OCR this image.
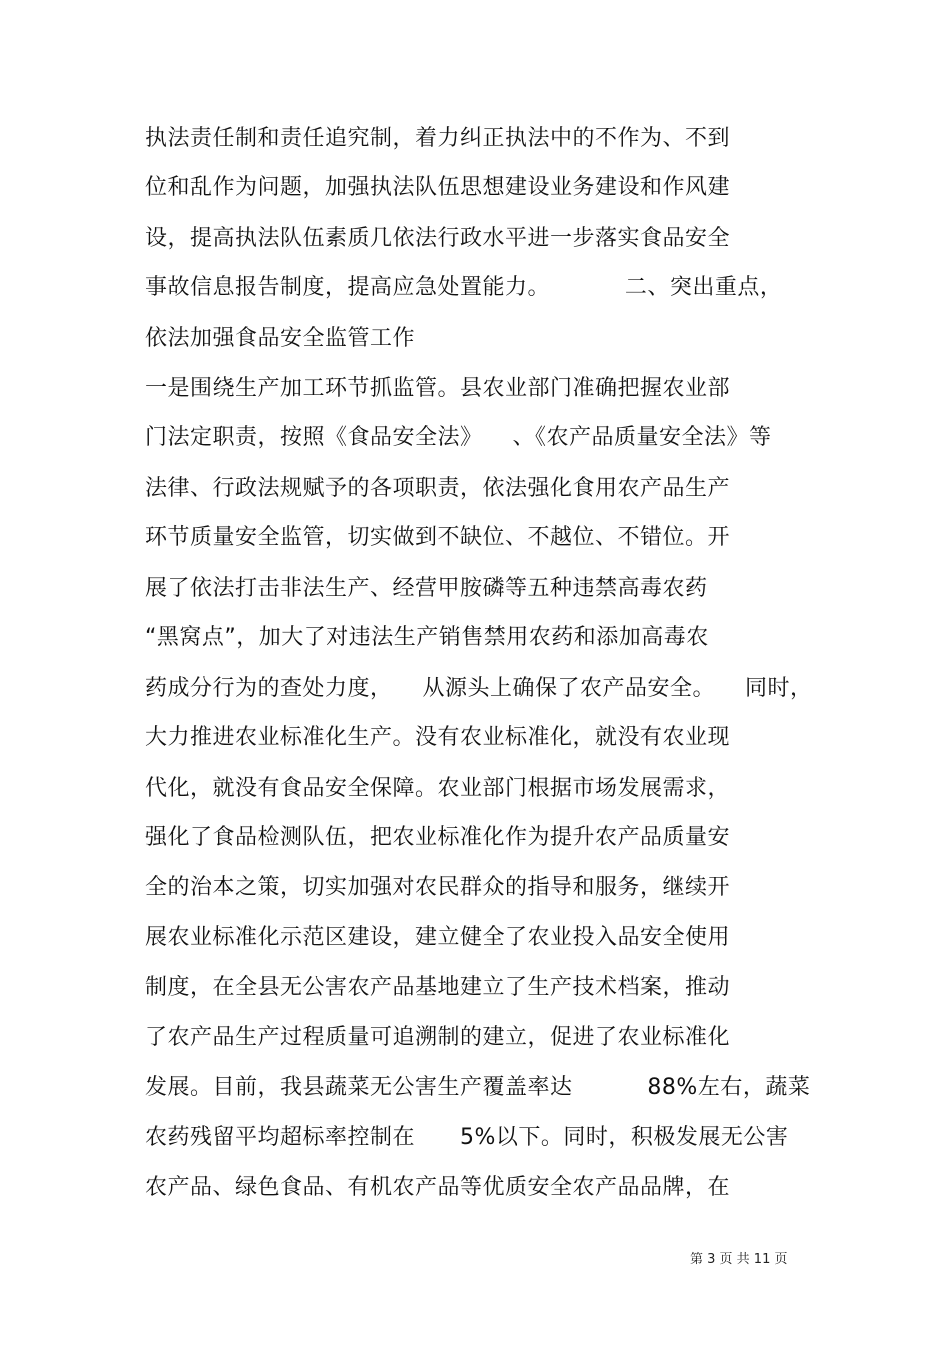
执法责任制和责任追究制，着力纠正执法中的不作为、不到
位和乱作为问题，加强执法队伍思想建设业务建设和作风建
设，提高执法队伍素质几依法行政水平进一步落实食品安全
事故信息报告制度，提高应急处置能力。          二、突出重点，
依法加强食品安全监管工作
一是围绕生产加工环节抓监管。县农业部门准确把握农业部
门法定职责，按照《食品安全法》    、《农产品质量安全法》等
法律、行政法规赋予的各项职责，依法强化食用农产品生产
环节质量安全监管，切实做到不缺位、不越位、不错位。开
展了依法打击非法生产、经营甲胺磷等五种违禁高毒农药
“黑窝点”，加大了对违法生产销售禁用农药和添加高毒农
药成分行为的查处力度，    从源头上确保了农产品安全。    同时，
大力推进农业标准化生产。没有农业标准化，就没有农业现
代化，就没有食品安全保障。农业部门根据市场发展需求，
强化了食品检测队伍，把农业标准化作为提升农产品质量安
全的治本之策，切实加强对农民群众的指导和服务，继续开
展农业标准化示范区建设，建立健全了农业投入品安全使用
制度，在全县无公害农产品基地建立了生产技术档案，推动
了农产品生产过程质量可追溯制的建立，促进了农业标准化
发展。目前，我县蔬菜无公害生产覆盖率达          88%左右，蔬菜
农药残留平均超标率控制在      5%以下。同时，积极发展无公害
农产品、绿色食品、有机农产品等优质安全农产品品牌，在
第 3 页 共 11 页
